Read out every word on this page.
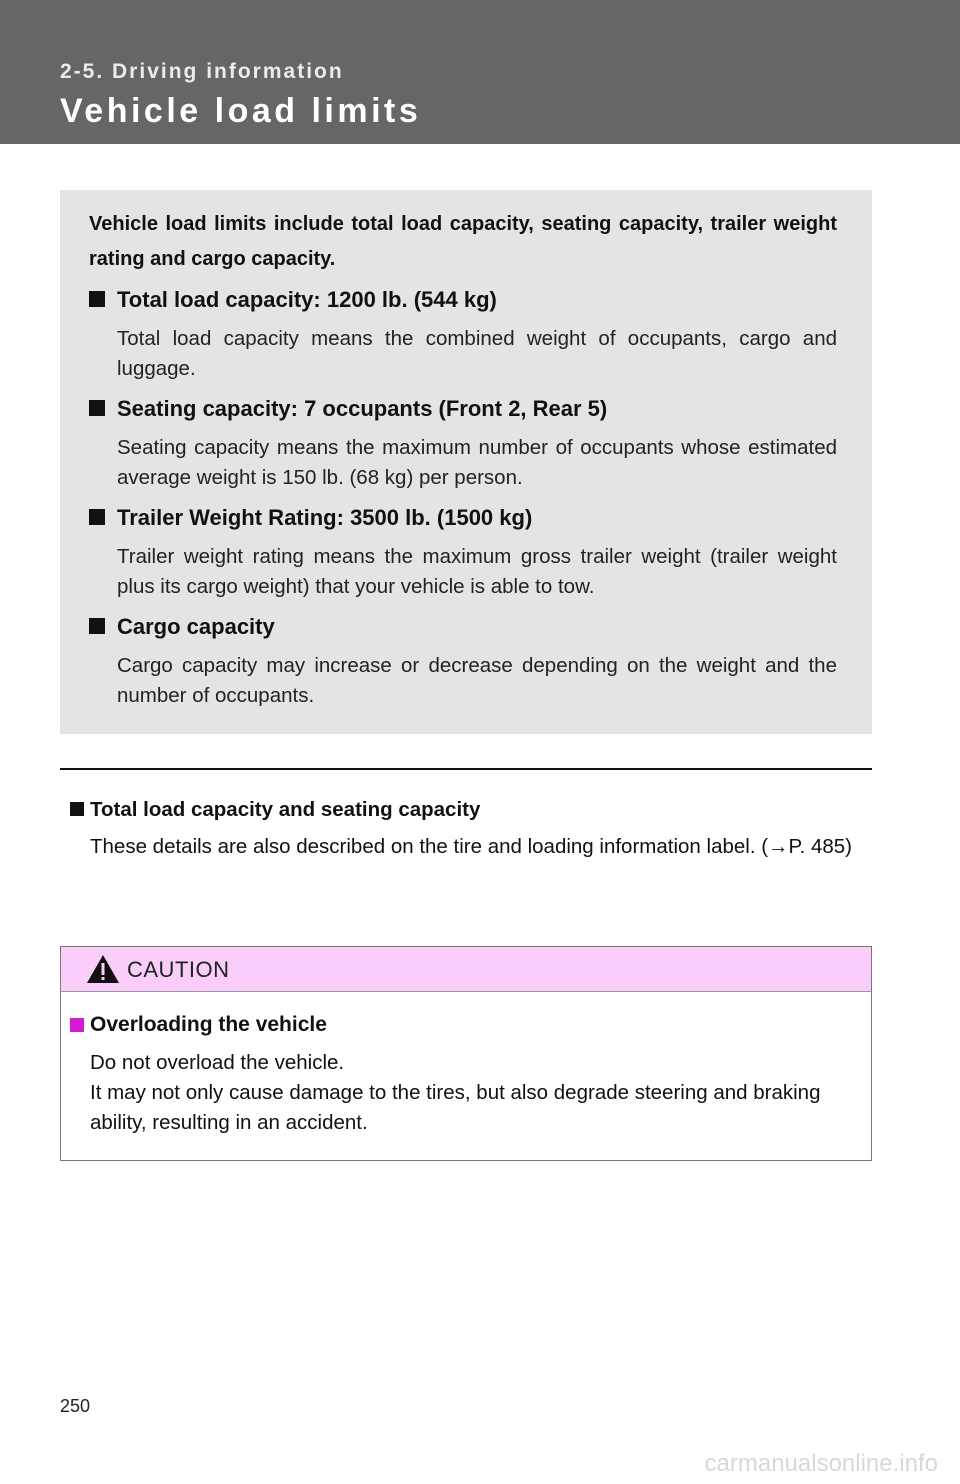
2-5. Driving information
Vehicle load limits
Vehicle load limits include total load capacity, seating capacity, trailer weight rating and cargo capacity.
Total load capacity: 1200 lb. (544 kg)
Total load capacity means the combined weight of occupants, cargo and luggage.
Seating capacity: 7 occupants (Front 2, Rear 5)
Seating capacity means the maximum number of occupants whose estimated average weight is 150 lb. (68 kg) per person.
Trailer Weight Rating: 3500 lb. (1500 kg)
Trailer weight rating means the maximum gross trailer weight (trailer weight plus its cargo weight) that your vehicle is able to tow.
Cargo capacity
Cargo capacity may increase or decrease depending on the weight and the number of occupants.
Total load capacity and seating capacity
These details are also described on the tire and loading information label. (→P. 485)
CAUTION
Overloading the vehicle
Do not overload the vehicle.
It may not only cause damage to the tires, but also degrade steering and braking ability, resulting in an accident.
250
carmanualsonline.info
